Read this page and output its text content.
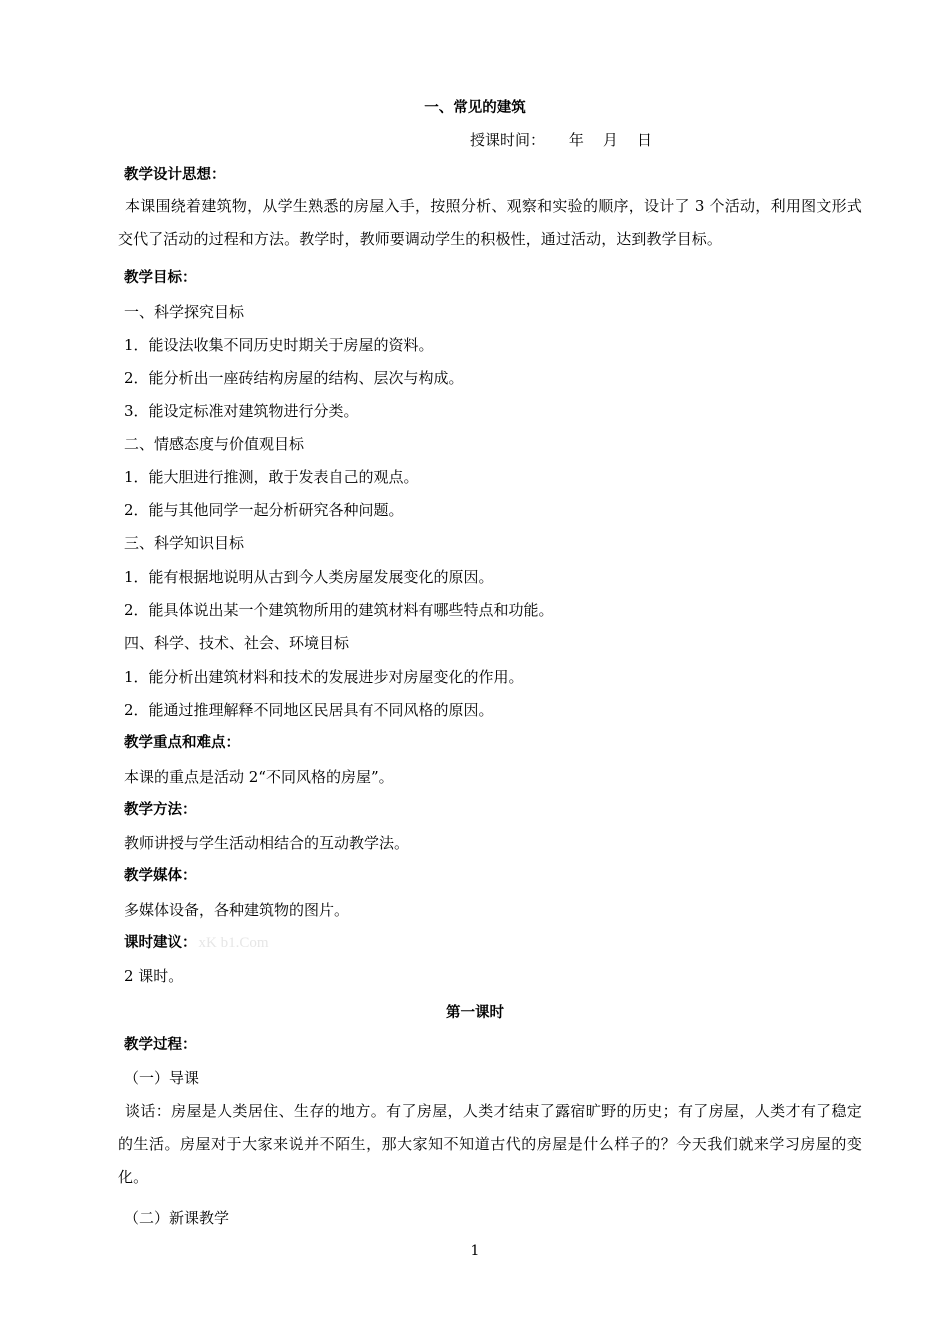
一、常见的建筑
授课时间：     年    月    日
教学设计思想：
本课围绕着建筑物，从学生熟悉的房屋入手，按照分析、观察和实验的顺序，设计了 3 个活动，利用图文形式交代了活动的过程和方法。教学时，教师要调动学生的积极性，通过活动，达到教学目标。
教学目标：
一、科学探究目标
1．能设法收集不同历史时期关于房屋的资料。
2．能分析出一座砖结构房屋的结构、层次与构成。
3．能设定标准对建筑物进行分类。
二、情感态度与价值观目标
1．能大胆进行推测，敢于发表自己的观点。
2．能与其他同学一起分析研究各种问题。
三、科学知识目标
1．能有根据地说明从古到今人类房屋发展变化的原因。
2．能具体说出某一个建筑物所用的建筑材料有哪些特点和功能。
四、科学、技术、社会、环境目标
1．能分析出建筑材料和技术的发展进步对房屋变化的作用。
2．能通过推理解释不同地区民居具有不同风格的原因。
教学重点和难点：
本课的重点是活动 2“不同风格的房屋”。
教学方法：
教师讲授与学生活动相结合的互动教学法。
教学媒体：
多媒体设备，各种建筑物的图片。
课时建议： xK b1.Com
2 课时。
第一课时
教学过程：
（一）导课
谈话：房屋是人类居住、生存的地方。有了房屋，人类才结束了露宿旷野的历史；有了房屋，人类才有了稳定的生活。房屋对于大家来说并不陌生，那大家知不知道古代的房屋是什么样子的？今天我们就来学习房屋的变化。
（二）新课教学
1
